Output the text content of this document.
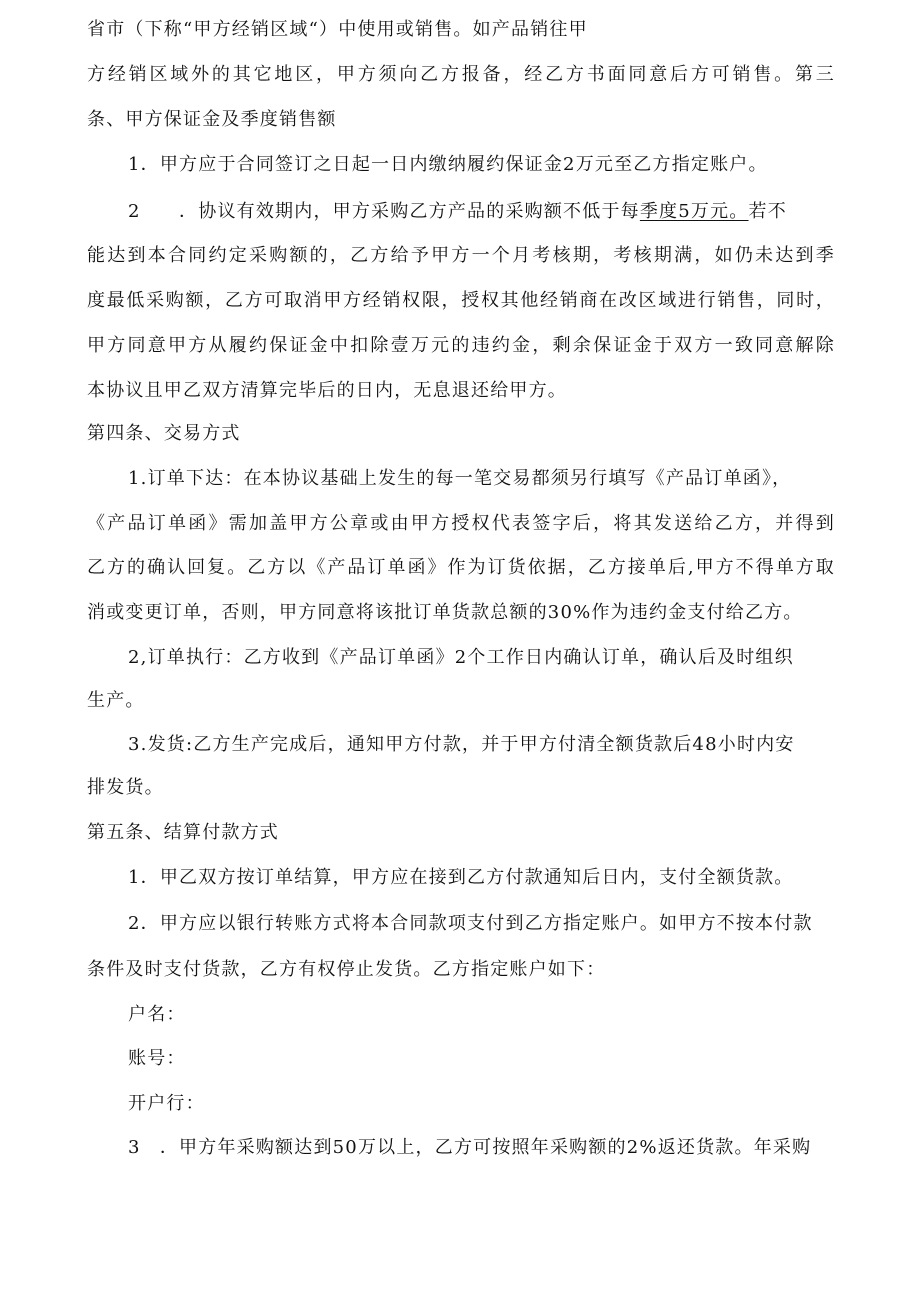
省市（下称“甲方经销区域“）中使用或销售。如产品销往甲
方经销区域外的其它地区，甲方须向乙方报备，经乙方书面同意后方可销售。第三
条、甲方保证金及季度销售额
1．甲方应于合同签订之日起一日内缴纳履约保证金2万元至乙方指定账户。
2　　．协议有效期内，甲方采购乙方产品的采购额不低于每季度5万元。若不
能达到本合同约定采购额的，乙方给予甲方一个月考核期，考核期满，如仍未达到季
度最低采购额，乙方可取消甲方经销权限，授权其他经销商在改区域进行销售，同时，
甲方同意甲方从履约保证金中扣除壹万元的违约金，剩余保证金于双方一致同意解除
本协议且甲乙双方清算完毕后的日内，无息退还给甲方。
第四条、交易方式
1.订单下达：在本协议基础上发生的每一笔交易都须另行填写《产品订单函》，
《产品订单函》需加盖甲方公章或由甲方授权代表签字后，将其发送给乙方，并得到
乙方的确认回复。乙方以《产品订单函》作为订货依据，乙方接单后,甲方不得单方取
消或变更订单，否则，甲方同意将该批订单货款总额的30%作为违约金支付给乙方。
2,订单执行：乙方收到《产品订单函》2个工作日内确认订单，确认后及时组织
生产。
3.发货:乙方生产完成后，通知甲方付款，并于甲方付清全额货款后48小时内安
排发货。
第五条、结算付款方式
1．甲乙双方按订单结算，甲方应在接到乙方付款通知后日内，支付全额货款。
2．甲方应以银行转账方式将本合同款项支付到乙方指定账户。如甲方不按本付款
条件及时支付货款，乙方有权停止发货。乙方指定账户如下：
户名：
账号：
开户行：
3　．甲方年采购额达到50万以上，乙方可按照年采购额的2%返还货款。年采购
